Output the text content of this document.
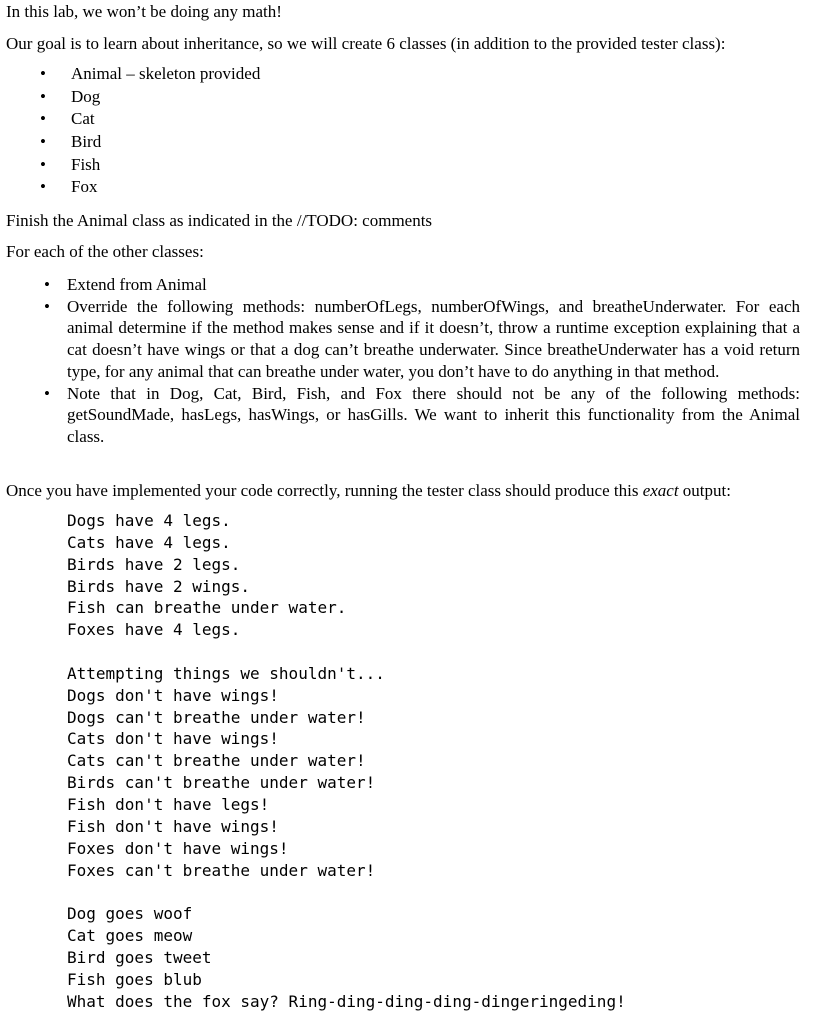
In this lab, we won’t be doing any math!

Our goal is to learn about inheritance, so we will create 6 classes (in addition to the provided tester class):

• Animal – skeleton provided
• Dog
• Cat
• Bird
• Fish
• Fox

Finish the Animal class as indicated in the //TODO: comments

For each of the other classes:

• Extend from Animal
• Override the following methods: numberOfLegs, numberOfWings, and breatheUnderwater. For each animal determine if the method makes sense and if it doesn’t, throw a runtime exception explaining that a cat doesn’t have wings or that a dog can’t breathe underwater. Since breatheUnderwater has a void return type, for any animal that can breathe under water, you don’t have to do anything in that method.
• Note that in Dog, Cat, Bird, Fish, and Fox there should not be any of the following methods: getSoundMade, hasLegs, hasWings, or hasGills. We want to inherit this functionality from the Animal class.

Once you have implemented your code correctly, running the tester class should produce this exact output:

Dogs have 4 legs.
Cats have 4 legs.
Birds have 2 legs.
Birds have 2 wings.
Fish can breathe under water.
Foxes have 4 legs.
Attempting things we shouldn't...
Dogs don't have wings!
Dogs can't breathe under water!
Cats don't have wings!
Cats can't breathe under water!
Birds can't breathe under water!
Fish don't have legs!
Fish don't have wings!
Foxes don't have wings!
Foxes can't breathe under water!
Dog goes woof
Cat goes meow
Bird goes tweet
Fish goes blub
What does the fox say? Ring-ding-ding-ding-dingeringeding!
